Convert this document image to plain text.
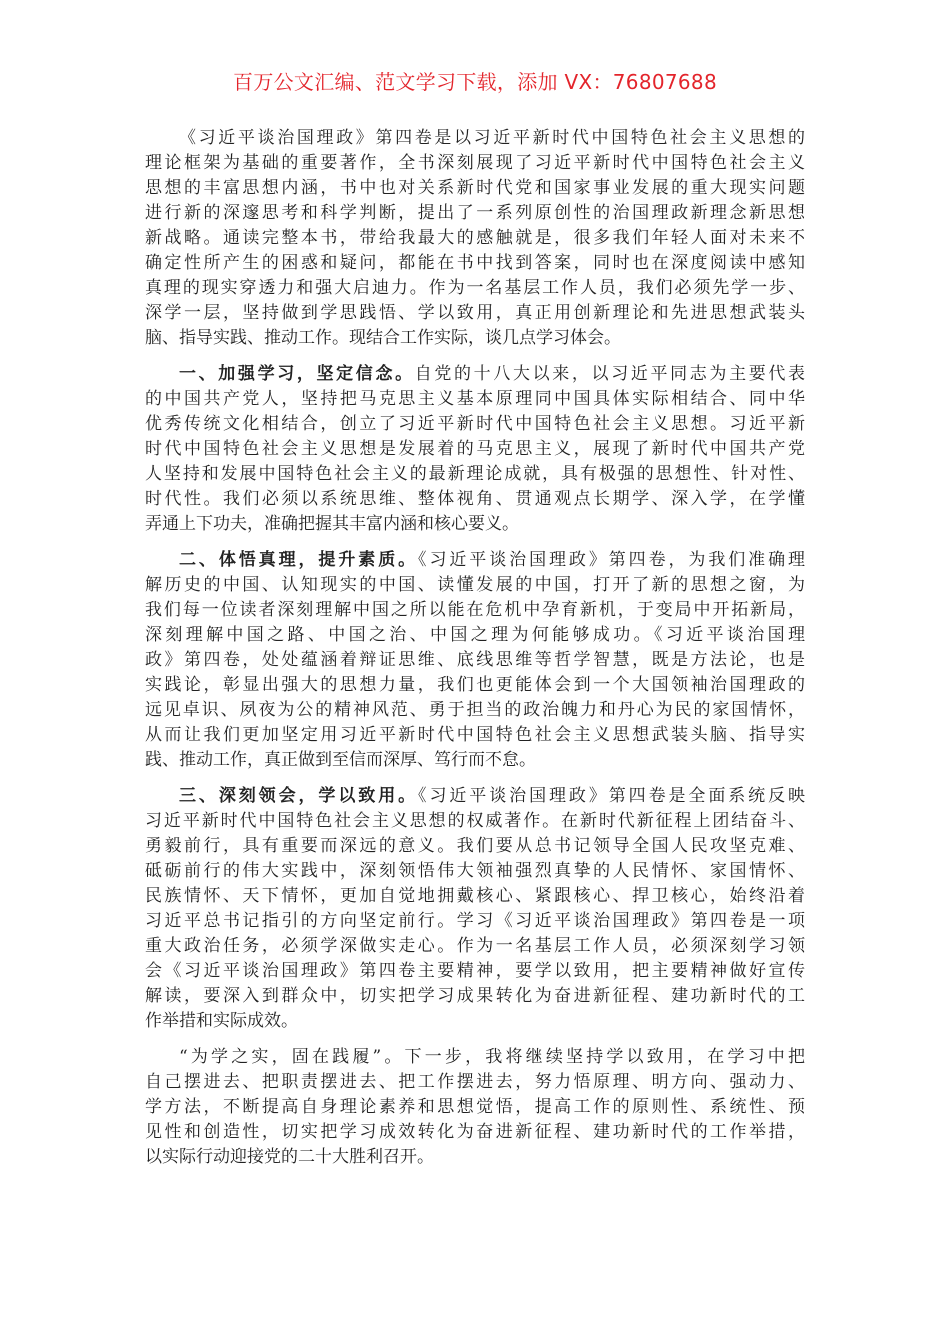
百万公文汇编、范文学习下载，添加 VX：76807688
《习近平谈治国理政》第四卷是以习近平新时代中国特色社会主义思想的
理论框架为基础的重要著作，全书深刻展现了习近平新时代中国特色社会主义
思想的丰富思想内涵，书中也对关系新时代党和国家事业发展的重大现实问题
进行新的深邃思考和科学判断，提出了一系列原创性的治国理政新理念新思想
新战略。通读完整本书，带给我最大的感触就是，很多我们年轻人面对未来不
确定性所产生的困惑和疑问，都能在书中找到答案，同时也在深度阅读中感知
真理的现实穿透力和强大启迪力。作为一名基层工作人员，我们必须先学一步、
深学一层，坚持做到学思践悟、学以致用，真正用创新理论和先进思想武装头
脑、指导实践、推动工作。现结合工作实际，谈几点学习体会。
一、加强学习，坚定信念。自党的十八大以来，以习近平同志为主要代表
的中国共产党人，坚持把马克思主义基本原理同中国具体实际相结合、同中华
优秀传统文化相结合，创立了习近平新时代中国特色社会主义思想。习近平新
时代中国特色社会主义思想是发展着的马克思主义，展现了新时代中国共产党
人坚持和发展中国特色社会主义的最新理论成就，具有极强的思想性、针对性、
时代性。我们必须以系统思维、整体视角、贯通观点长期学、深入学，在学懂
弄通上下功夫，准确把握其丰富内涵和核心要义。
二、体悟真理，提升素质。《习近平谈治国理政》第四卷，为我们准确理
解历史的中国、认知现实的中国、读懂发展的中国，打开了新的思想之窗，为
我们每一位读者深刻理解中国之所以能在危机中孕育新机，于变局中开拓新局，
深刻理解中国之路、中国之治、中国之理为何能够成功。《习近平谈治国理
政》第四卷，处处蕴涵着辩证思维、底线思维等哲学智慧，既是方法论，也是
实践论，彰显出强大的思想力量，我们也更能体会到一个大国领袖治国理政的
远见卓识、夙夜为公的精神风范、勇于担当的政治魄力和丹心为民的家国情怀，
从而让我们更加坚定用习近平新时代中国特色社会主义思想武装头脑、指导实
践、推动工作，真正做到至信而深厚、笃行而不怠。
三、深刻领会，学以致用。《习近平谈治国理政》第四卷是全面系统反映
习近平新时代中国特色社会主义思想的权威著作。在新时代新征程上团结奋斗、
勇毅前行，具有重要而深远的意义。我们要从总书记领导全国人民攻坚克难、
砥砺前行的伟大实践中，深刻领悟伟大领袖强烈真挚的人民情怀、家国情怀、
民族情怀、天下情怀，更加自觉地拥戴核心、紧跟核心、捍卫核心，始终沿着
习近平总书记指引的方向坚定前行。学习《习近平谈治国理政》第四卷是一项
重大政治任务，必须学深做实走心。作为一名基层工作人员，必须深刻学习领
会《习近平谈治国理政》第四卷主要精神，要学以致用，把主要精神做好宣传
解读，要深入到群众中，切实把学习成果转化为奋进新征程、建功新时代的工
作举措和实际成效。
“为学之实，固在践履”。下一步，我将继续坚持学以致用，在学习中把
自己摆进去、把职责摆进去、把工作摆进去，努力悟原理、明方向、强动力、
学方法，不断提高自身理论素养和思想觉悟，提高工作的原则性、系统性、预
见性和创造性，切实把学习成效转化为奋进新征程、建功新时代的工作举措，
以实际行动迎接党的二十大胜利召开。
